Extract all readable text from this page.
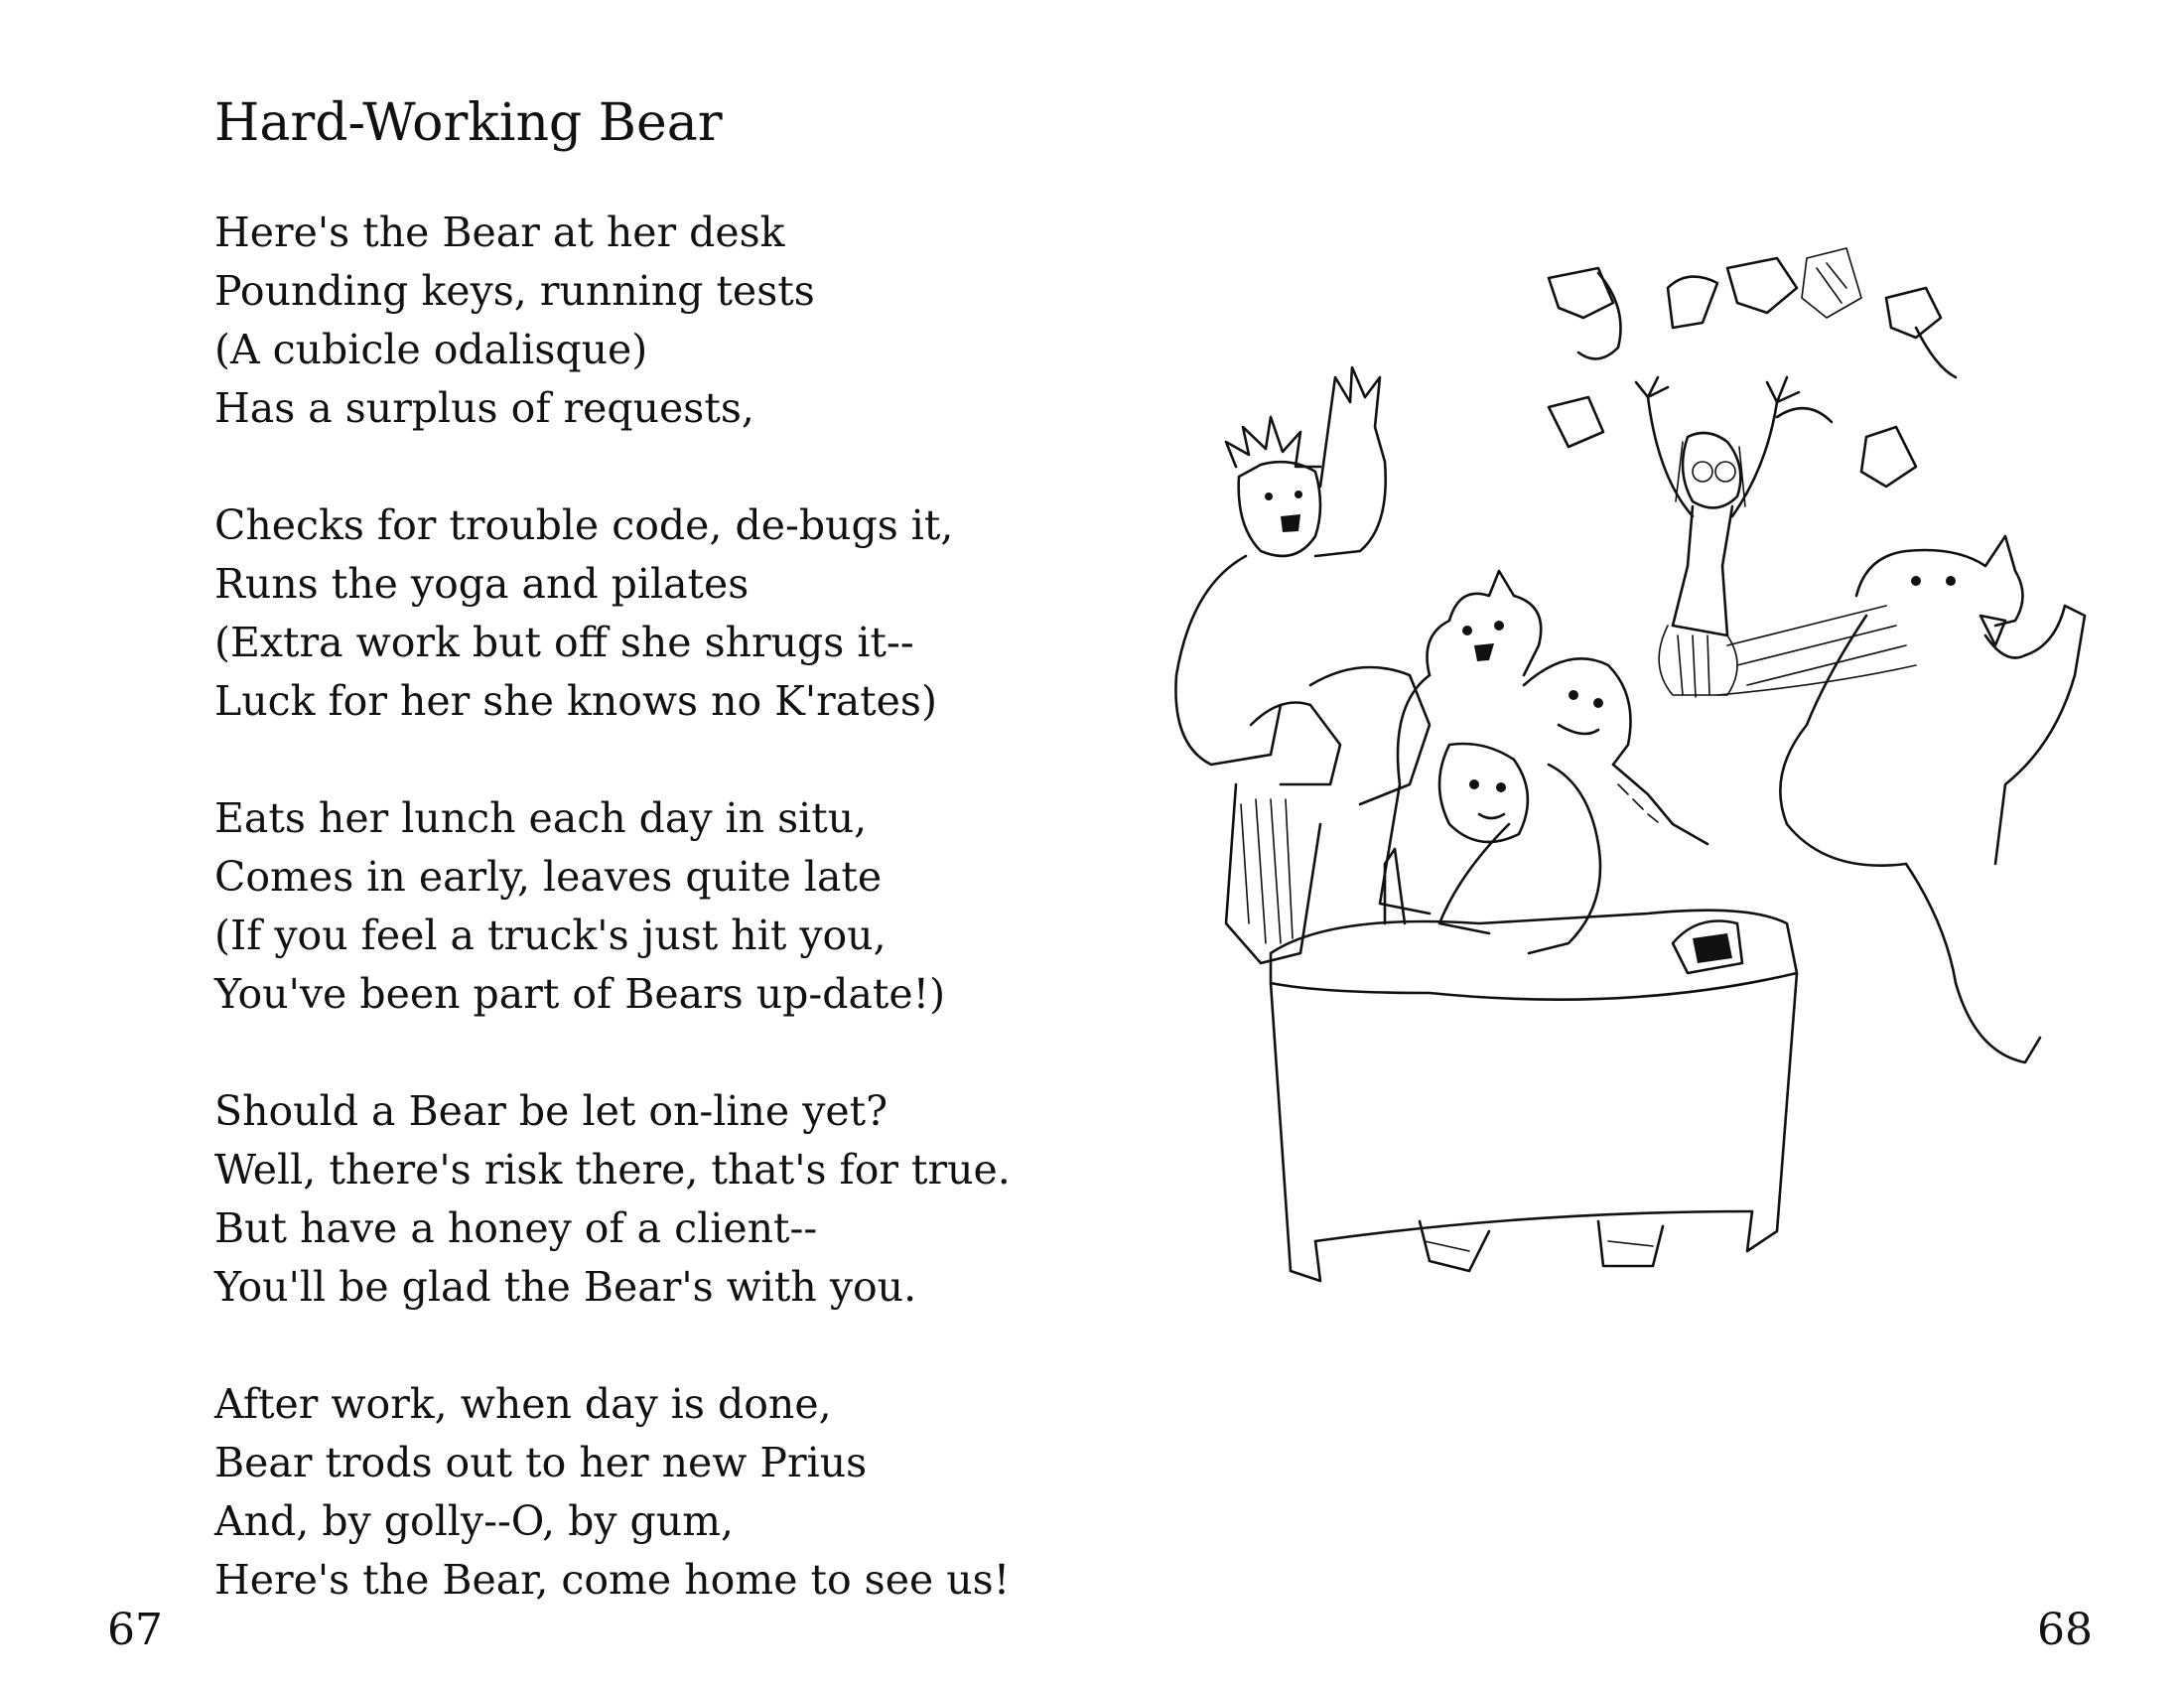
Hard-Working Bear
Here's the Bear at her desk
Pounding keys, running tests
(A cubicle odalisque)
Has a surplus of requests,
Checks for trouble code, de-bugs it,
Runs the yoga and pilates
(Extra work but off she shrugs it--
Luck for her she knows no K'rates)
Eats her lunch each day in situ,
Comes in early, leaves quite late
(If you feel a truck's just hit you,
You've been part of Bears up-date!)
Should a Bear be let on-line yet?
Well, there's risk there, that's for true.
But have a honey of a client--
You'll be glad the Bear's with you.
After work, when day is done,
Bear trods out to her new Prius
And, by golly--O, by gum,
Here's the Bear, come home to see us!
67	68
